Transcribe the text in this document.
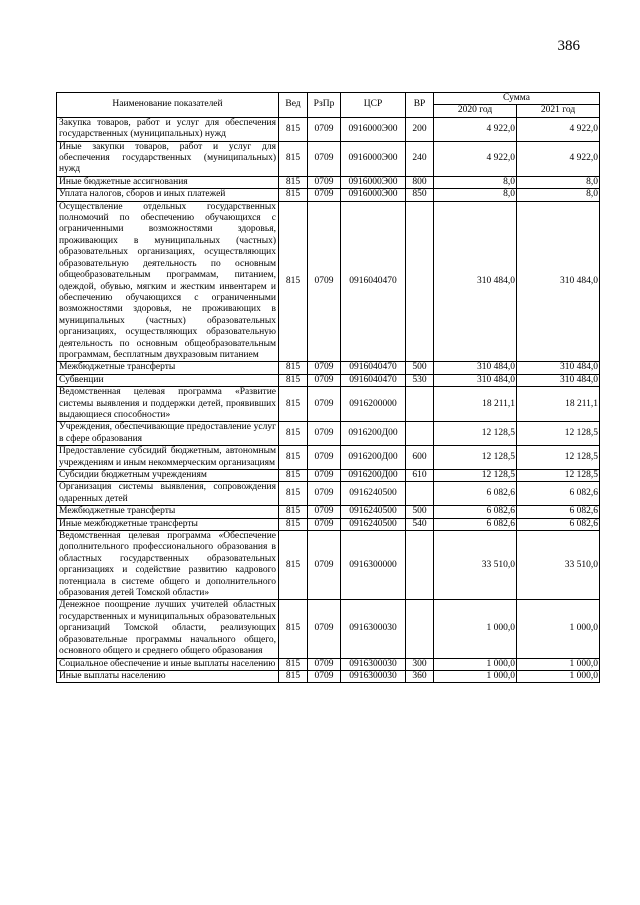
386
Наименование показателей	Вед	РзПр	ЦСР	ВР	Сумма	
					2020 год	2021 год
Закупка товаров, работ и услуг для обеспечения государственных (муниципальных) нужд	815	0709	0916000Э00	200	4 922,0	4 922,0
Иные закупки товаров, работ и услуг для обеспечения государственных (муниципальных) нужд	815	0709	0916000Э00	240	4 922,0	4 922,0
Иные бюджетные ассигнования	815	0709	0916000Э00	800	8,0	8,0
Уплата налогов, сборов и иных платежей	815	0709	0916000Э00	850	8,0	8,0
Осуществление отдельных государственных полномочий по обеспечению обучающихся с ограниченными возможностями здоровья, проживающих в муниципальных (частных) образовательных организациях, осуществляющих образовательную деятельность по основным общеобразовательным программам, питанием, одеждой, обувью, мягким и жестким инвентарем и обеспечению обучающихся с ограниченными возможностями здоровья, не проживающих в муниципальных (частных) образовательных организациях, осуществляющих образовательную деятельность по основным общеобразовательным программам, бесплатным двухразовым питанием	815	0709	0916040470		310 484,0	310 484,0
Межбюджетные трансферты	815	0709	0916040470	500	310 484,0	310 484,0
Субвенции	815	0709	0916040470	530	310 484,0	310 484,0
Ведомственная целевая программа «Развитие системы выявления и поддержки детей, проявивших выдающиеся способности»	815	0709	0916200000		18 211,1	18 211,1
Учреждения, обеспечивающие предоставление услуг в сфере образования	815	0709	0916200Д00		12 128,5	12 128,5
Предоставление субсидий бюджетным, автономным учреждениям и иным некоммерческим организациям	815	0709	0916200Д00	600	12 128,5	12 128,5
Субсидии бюджетным учреждениям	815	0709	0916200Д00	610	12 128,5	12 128,5
Организация системы выявления, сопровождения одаренных детей	815	0709	0916240500		6 082,6	6 082,6
Межбюджетные трансферты	815	0709	0916240500	500	6 082,6	6 082,6
Иные межбюджетные трансферты	815	0709	0916240500	540	6 082,6	6 082,6
Ведомственная целевая программа «Обеспечение дополнительного профессионального образования в областных государственных образовательных организациях и содействие развитию кадрового потенциала в системе общего и дополнительного образования детей Томской области»	815	0709	0916300000		33 510,0	33 510,0
Денежное поощрение лучших учителей областных государственных и муниципальных образовательных организаций Томской области, реализующих образовательные программы начального общего, основного общего и среднего общего образования	815	0709	0916300030		1 000,0	1 000,0
Социальное обеспечение и иные выплаты населению	815	0709	0916300030	300	1 000,0	1 000,0
Иные выплаты населению	815	0709	0916300030	360	1 000,0	1 000,0
